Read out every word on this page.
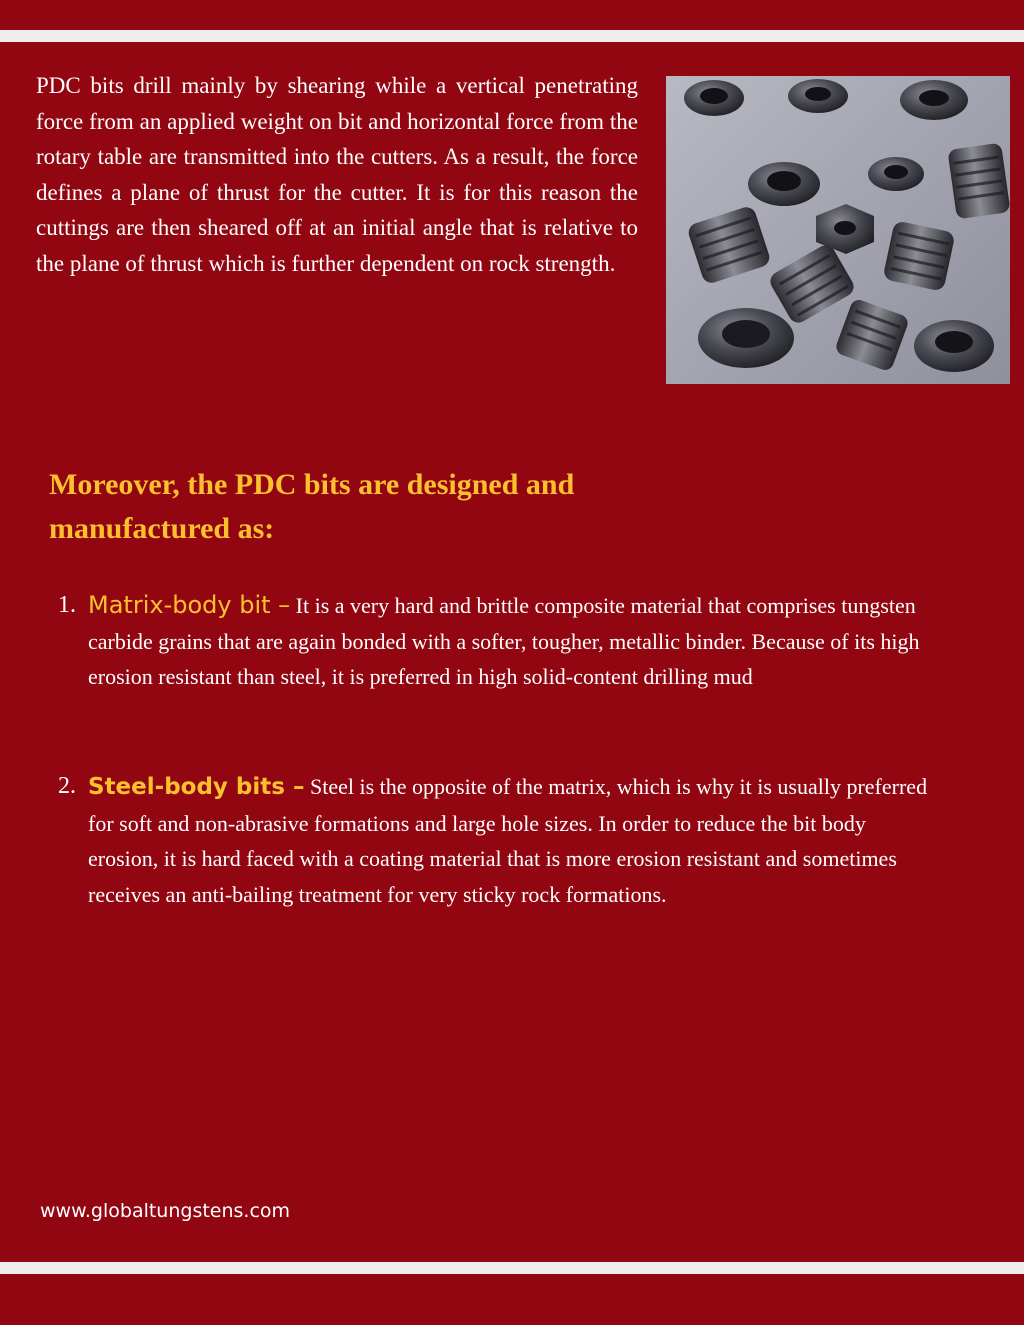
PDC bits drill mainly by shearing while a vertical penetrating force from an applied weight on bit and horizontal force from the rotary table are transmitted into the cutters. As a result, the force defines a plane of thrust for the cutter. It is for this reason the cuttings are then sheared off at an initial angle that is relative to the plane of thrust which is further dependent on rock strength.

Moreover, the PDC bits are designed and manufactured as:
1. Matrix-body bit – It is a very hard and brittle composite material that comprises tungsten carbide grains that are again bonded with a softer, tougher, metallic binder. Because of its high erosion resistant than steel, it is preferred in high solid-content drilling mud
2. Steel-body bits – Steel is the opposite of the matrix, which is why it is usually preferred for soft and non-abrasive formations and large hole sizes. In order to reduce the bit body erosion, it is hard faced with a coating material that is more erosion resistant and sometimes receives an anti-bailing treatment for very sticky rock formations.
www.globaltungstens.com
